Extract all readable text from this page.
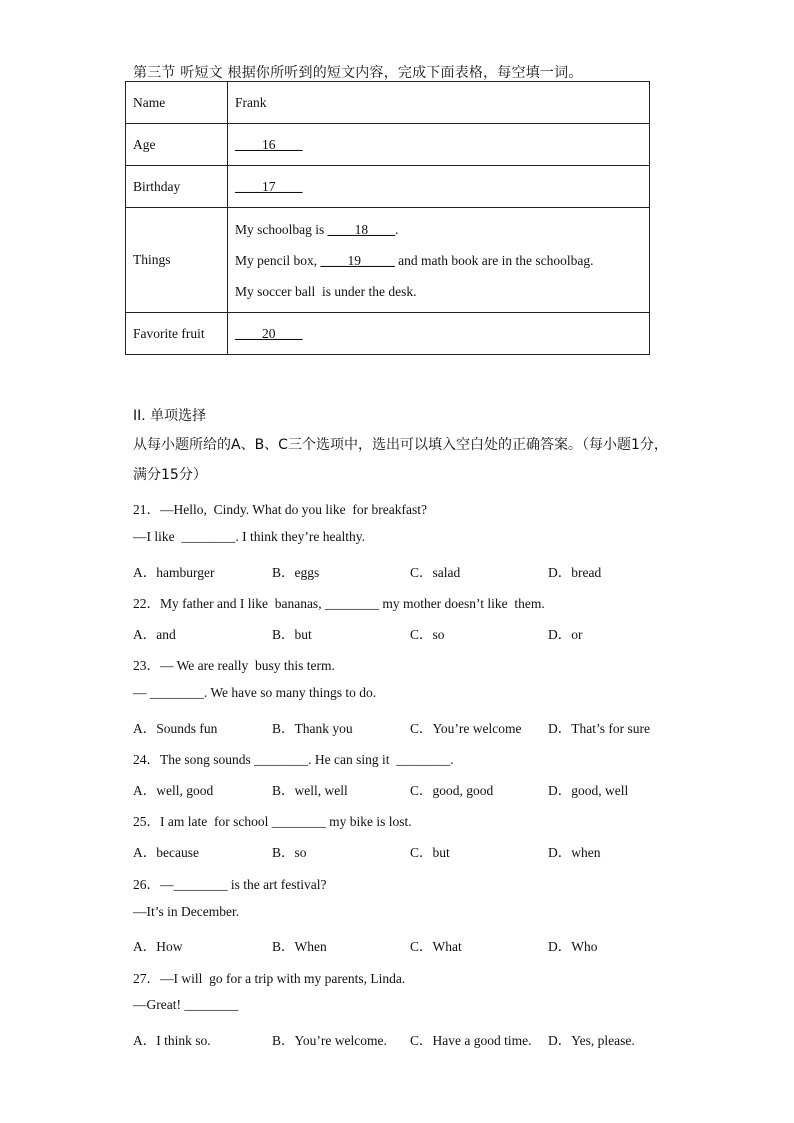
第三节 听短文 根据你所听到的短文内容，完成下面表格，每空填一词。
Name	Frank
Age	____16____
Birthday	____17____
Things	My schoolbag is ____18____.
My pencil box, ____19_____ and math book are in the schoolbag.
My soccer ball  is under the desk.

Favorite fruit	____20____
II. 单项选择
从每小题所给的A、B、C三个选项中，选出可以填入空白处的正确答案。（每小题1分，满分15分）
21．—Hello,  Cindy. What do you like  for breakfast?
—I like  ________. I think they’re healthy.
A．hamburger	B．eggs	C．salad	D．bread
22．My father and I like  bananas, ________ my mother doesn’t like  them.
A．and	B．but	C．so	D．or
23．— We are really  busy this term.
— ________. We have so many things to do.
A．Sounds fun	B．Thank you	C．You’re welcome D．That’s for sure
24．The song sounds ________. He can sing it  ________.
A．well, good	B．well, well	C．good, good	D．good, well
25．I am late  for school ________ my bike is lost.
A．because	B．so	C．but	D．when
26．—________ is the art festival?
—It’s in December.
A．How	B．When	C．What	D．Who
27．—I will  go for a trip with my parents, Linda.
—Great! ________
A．I think so.	B．You’re welcome. C．Have a good time. D．Yes, please.
